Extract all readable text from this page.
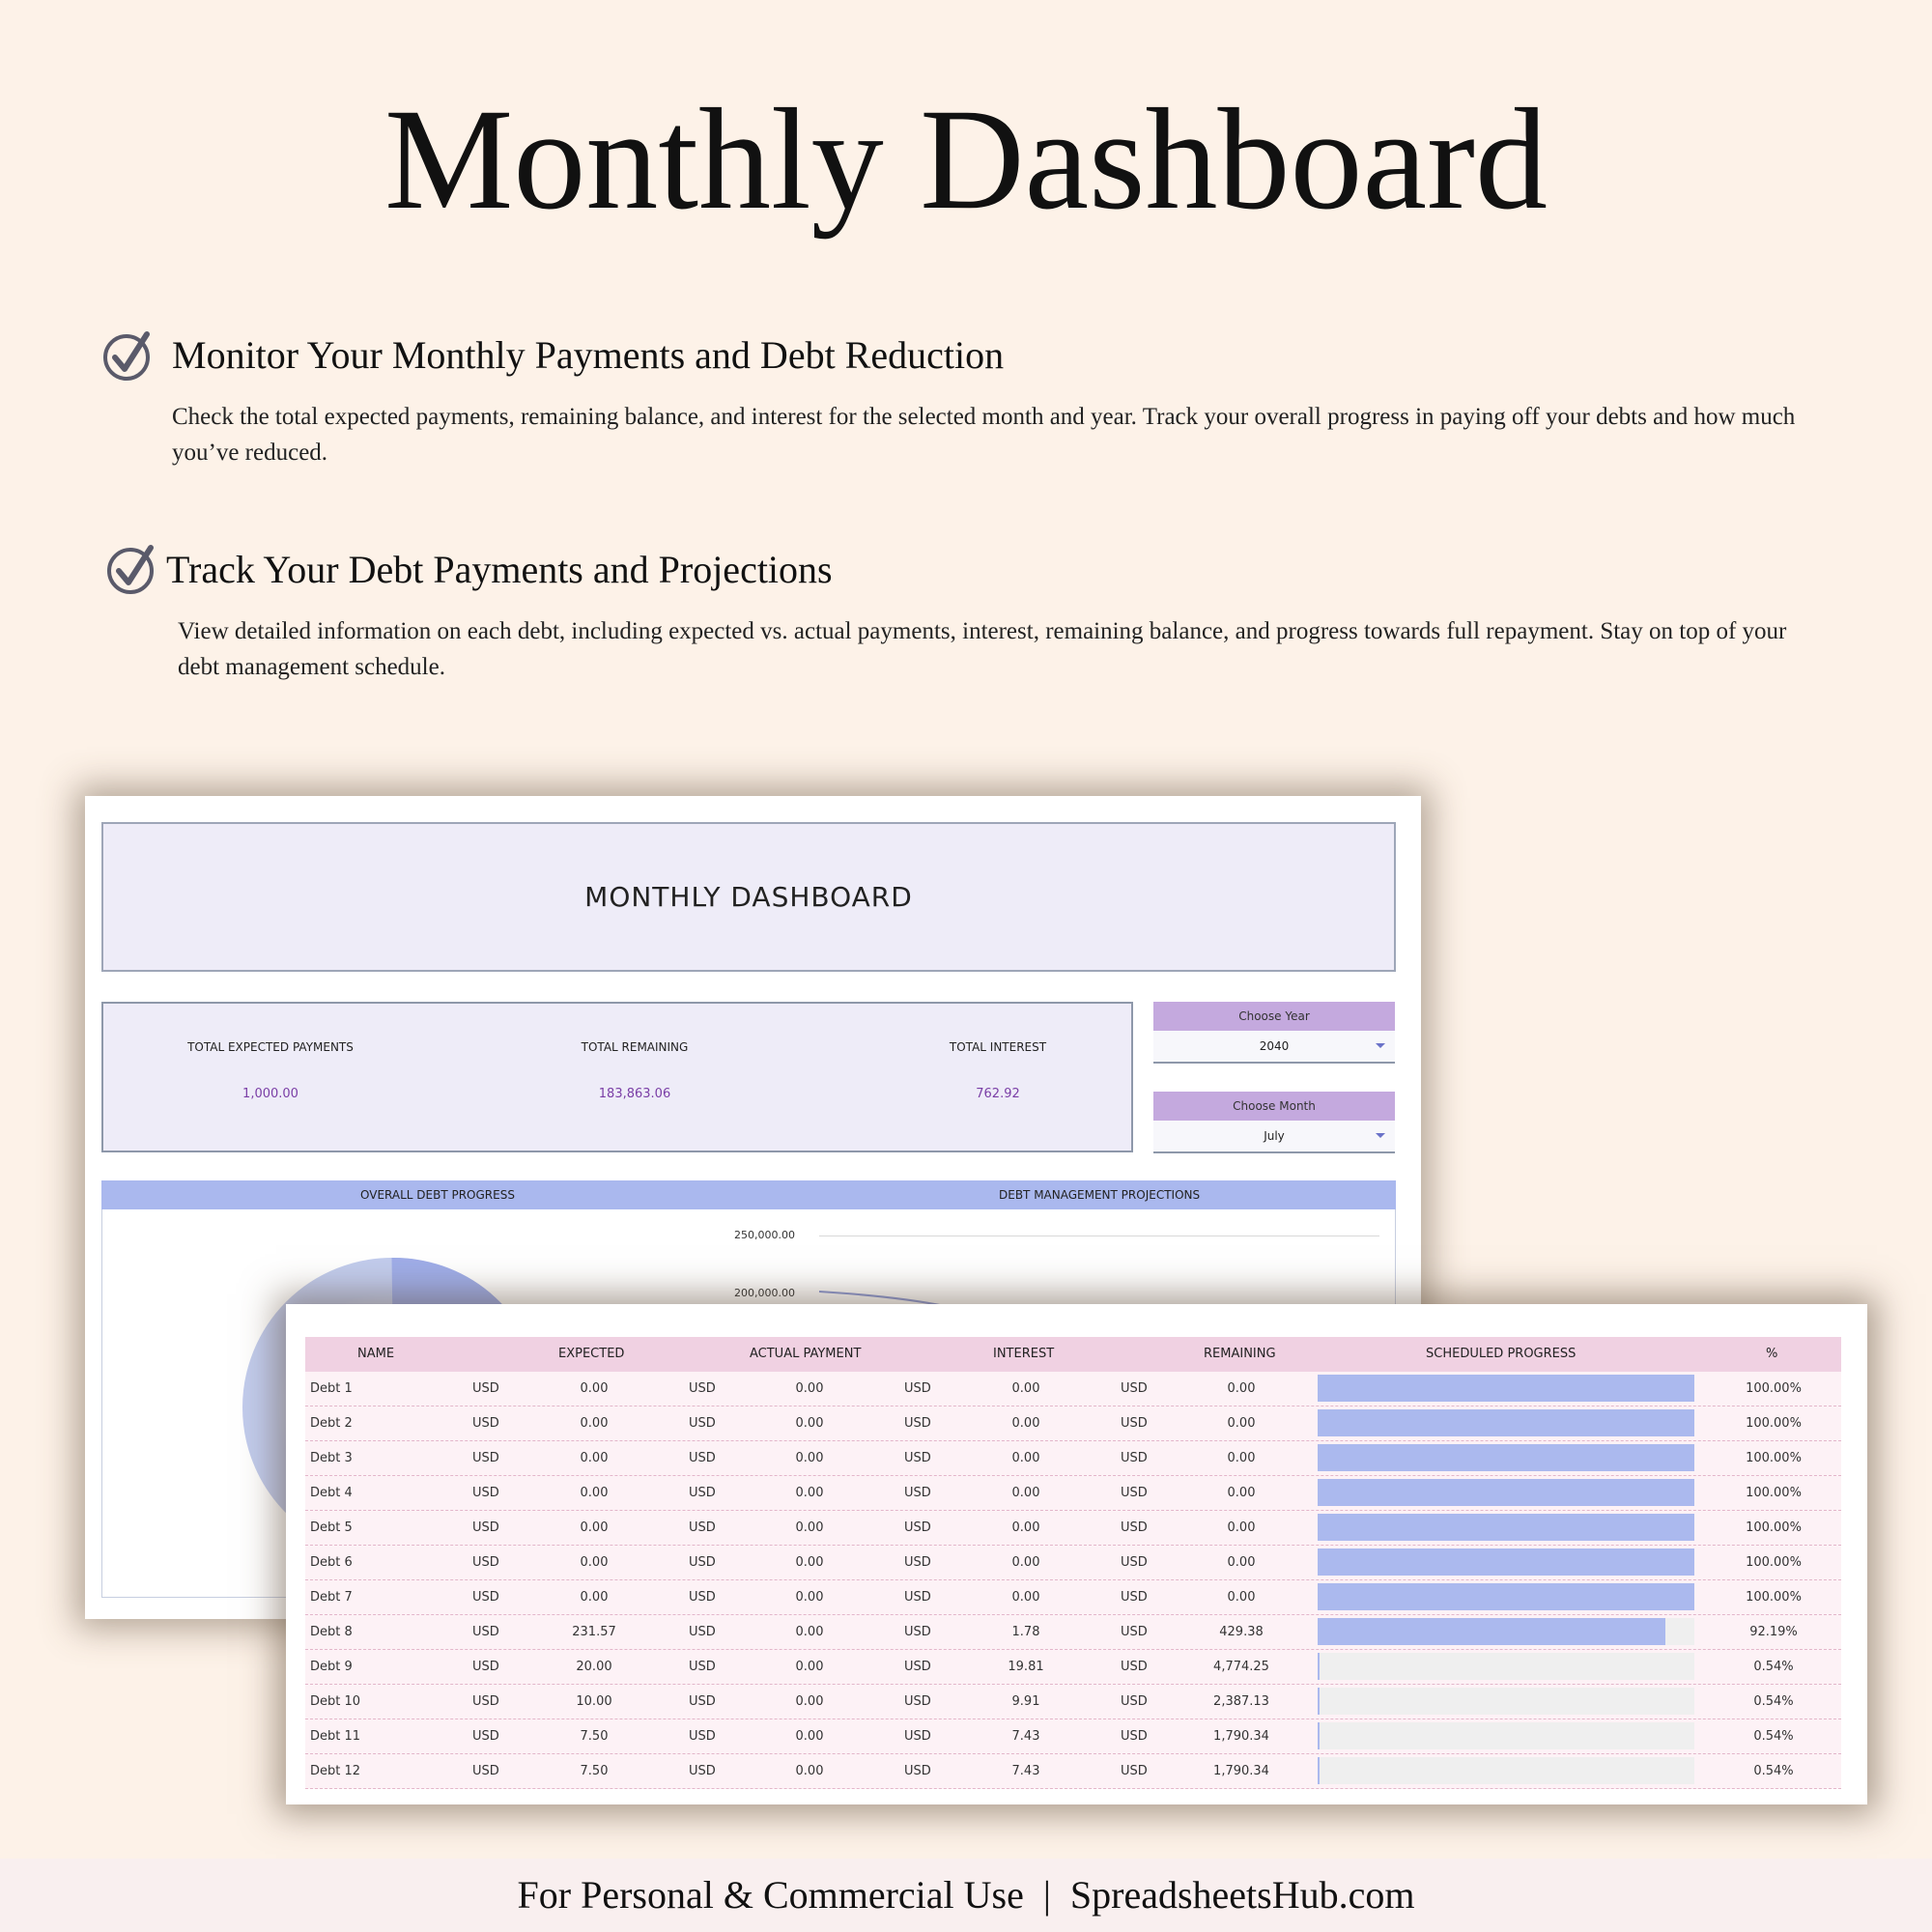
Monthly Dashboard
Monitor Your Monthly Payments and Debt Reduction
Check the total expected payments, remaining balance, and interest for the selected month and year. Track your overall progress in paying off your debts and how much you’ve reduced.
Track Your Debt Payments and Projections
View detailed information on each debt, including expected vs. actual payments, interest, remaining balance, and progress towards full repayment. Stay on top of your debt management schedule.
MONTHLY DASHBOARD
TOTAL EXPECTED PAYMENTS
1,000.00
TOTAL REMAINING
183,863.06
TOTAL INTEREST
762.92
Choose Year
2040
Choose Month
July
OVERALL DEBT PROGRESS	DEBT MANAGEMENT PROJECTIONS
250,000.00
200,000.00
NAME	EXPECTED	ACTUAL PAYMENT	INTEREST	REMAINING	SCHEDULED PROGRESS	%
Debt 1	USD	0.00	USD	0.00	USD	0.00	USD	0.00	100.00%
Debt 2	USD	0.00	USD	0.00	USD	0.00	USD	0.00	100.00%
Debt 3	USD	0.00	USD	0.00	USD	0.00	USD	0.00	100.00%
Debt 4	USD	0.00	USD	0.00	USD	0.00	USD	0.00	100.00%
Debt 5	USD	0.00	USD	0.00	USD	0.00	USD	0.00	100.00%
Debt 6	USD	0.00	USD	0.00	USD	0.00	USD	0.00	100.00%
Debt 7	USD	0.00	USD	0.00	USD	0.00	USD	0.00	100.00%
Debt 8	USD	231.57	USD	0.00	USD	1.78	USD	429.38	92.19%
Debt 9	USD	20.00	USD	0.00	USD	19.81	USD	4,774.25	0.54%
Debt 10	USD	10.00	USD	0.00	USD	9.91	USD	2,387.13	0.54%
Debt 11	USD	7.50	USD	0.00	USD	7.43	USD	1,790.34	0.54%
Debt 12	USD	7.50	USD	0.00	USD	7.43	USD	1,790.34	0.54%
For Personal & Commercial Use  |  SpreadsheetsHub.com
